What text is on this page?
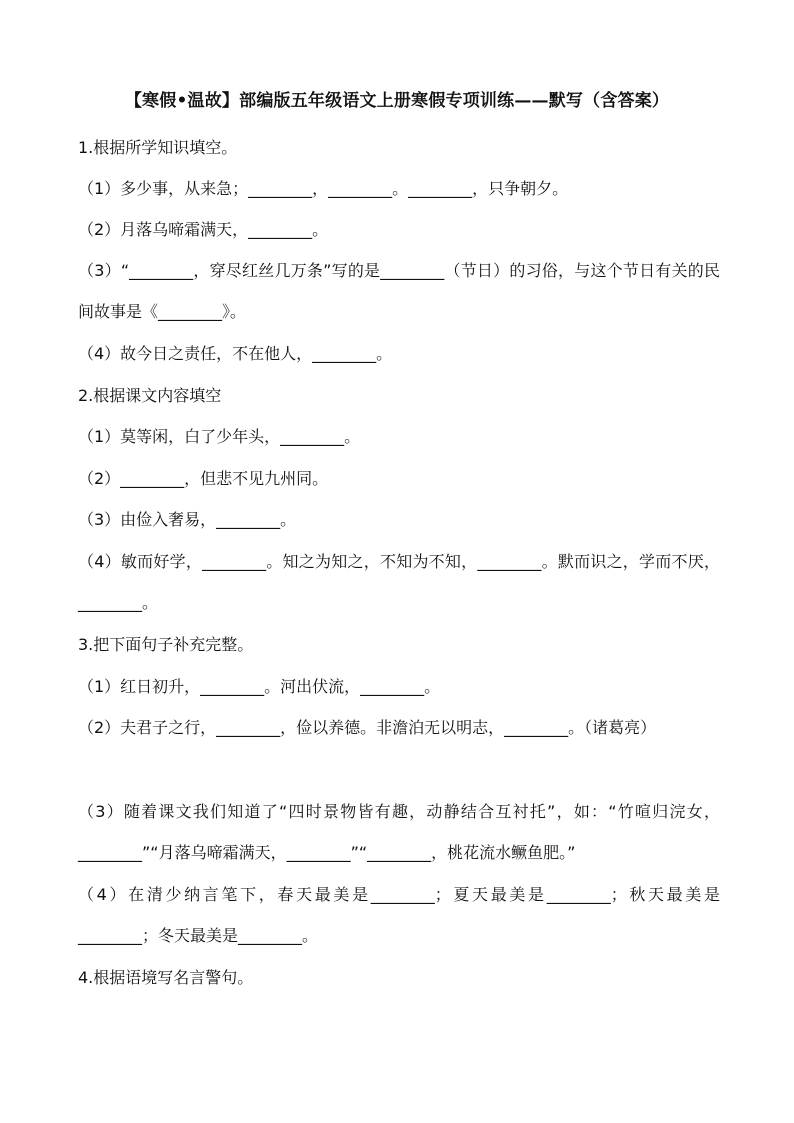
【寒假•温故】部编版五年级语文上册寒假专项训练——默写（含答案）
1.根据所学知识填空。
（1）多少事，从来急；________，________。________，只争朝夕。
（2）月落乌啼霜满天，________。
（3）“________，穿尽红丝几万条”写的是________（节日）的习俗，与这个节日有关的民间故事是《________》。
（4）故今日之责任，不在他人，________。
2.根据课文内容填空
（1）莫等闲，白了少年头，________。
（2）________，但悲不见九州同。
（3）由俭入奢易，________。
（4）敏而好学，________。知之为知之，不知为不知，________。默而识之，学而不厌，________。
3.把下面句子补充完整。
（1）红日初升，________。河出伏流，________。
（2）夫君子之行，________，俭以养德。非澹泊无以明志，________。（诸葛亮）
（3）随着课文我们知道了“四时景物皆有趣，动静结合互衬托”，如：“竹喧归浣女，________”“月落乌啼霜满天，________”“________，桃花流水鳜鱼肥。”
（4）在清少纳言笔下，春天最美是________；夏天最美是________；秋天最美是________；冬天最美是________。
4.根据语境写名言警句。
